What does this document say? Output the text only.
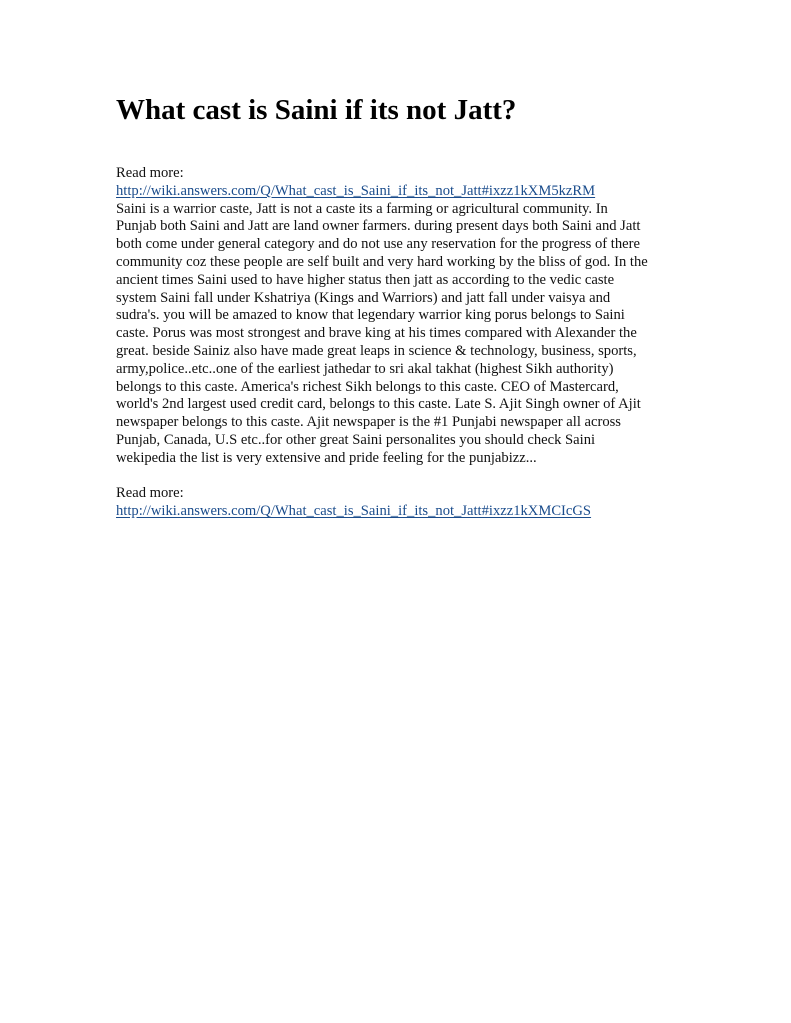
What cast is Saini if its not Jatt?
Read more:
http://wiki.answers.com/Q/What_cast_is_Saini_if_its_not_Jatt#ixzz1kXM5kzRM
Saini is a warrior caste, Jatt is not a caste its a farming or agricultural community. In
Punjab both Saini and Jatt are land owner farmers. during present days both Saini and Jatt
both come under general category and do not use any reservation for the progress of there
community coz these people are self built and very hard working by the bliss of god. In the
ancient times Saini used to have higher status then jatt as according to the vedic caste
system Saini fall under Kshatriya (Kings and Warriors) and jatt fall under vaisya and
sudra's. you will be amazed to know that legendary warrior king porus belongs to Saini
caste. Porus was most strongest and brave king at his times compared with Alexander the
great. beside Sainiz also have made great leaps in science & technology, business, sports,
army,police..etc..one of the earliest jathedar to sri akal takhat (highest Sikh authority)
belongs to this caste. America's richest Sikh belongs to this caste. CEO of Mastercard,
world's 2nd largest used credit card, belongs to this caste. Late S. Ajit Singh owner of Ajit
newspaper belongs to this caste. Ajit newspaper is the #1 Punjabi newspaper all across
Punjab, Canada, U.S etc..for other great Saini personalites you should check Saini
wekipedia the list is very extensive and pride feeling for the punjabizz...
Read more:
http://wiki.answers.com/Q/What_cast_is_Saini_if_its_not_Jatt#ixzz1kXMCIcGS
